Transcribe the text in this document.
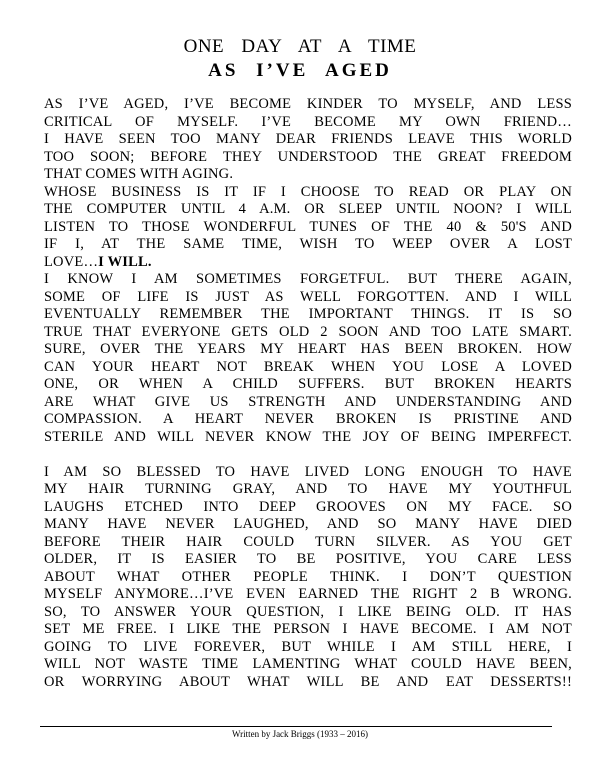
ONE DAY AT A TIME
AS I’VE AGED
AS I’VE AGED, I’VE BECOME KINDER TO MYSELF, AND LESS
CRITICAL OF MYSELF. I’VE BECOME MY OWN FRIEND…
I HAVE SEEN TOO MANY DEAR FRIENDS LEAVE THIS WORLD
TOO SOON; BEFORE THEY UNDERSTOOD THE GREAT FREEDOM
THAT COMES WITH AGING.
WHOSE BUSINESS IS IT IF I CHOOSE TO READ OR PLAY ON
THE COMPUTER UNTIL 4 A.M. OR SLEEP UNTIL NOON? I WILL
LISTEN TO THOSE WONDERFUL TUNES OF THE 40 & 50'S AND
IF I, AT THE SAME TIME, WISH TO WEEP OVER A LOST
LOVE…I WILL.
I KNOW I AM SOMETIMES FORGETFUL. BUT THERE AGAIN,
SOME OF LIFE IS JUST AS WELL FORGOTTEN. AND I WILL
EVENTUALLY REMEMBER THE IMPORTANT THINGS. IT IS SO
TRUE THAT EVERYONE GETS OLD 2 SOON AND TOO LATE SMART.
SURE, OVER THE YEARS MY HEART HAS BEEN BROKEN. HOW
CAN YOUR HEART NOT BREAK WHEN YOU LOSE A LOVED
ONE, OR WHEN A CHILD SUFFERS. BUT BROKEN HEARTS
ARE WHAT GIVE US STRENGTH AND UNDERSTANDING AND
COMPASSION. A HEART NEVER BROKEN IS PRISTINE AND
STERILE AND WILL NEVER KNOW THE JOY OF BEING IMPERFECT.
I AM SO BLESSED TO HAVE LIVED LONG ENOUGH TO HAVE
MY HAIR TURNING GRAY, AND TO HAVE MY YOUTHFUL
LAUGHS ETCHED INTO DEEP GROOVES ON MY FACE. SO
MANY HAVE NEVER LAUGHED, AND SO MANY HAVE DIED
BEFORE THEIR HAIR COULD TURN SILVER. AS YOU GET
OLDER, IT IS EASIER TO BE POSITIVE, YOU CARE LESS
ABOUT WHAT OTHER PEOPLE THINK. I DON’T QUESTION
MYSELF ANYMORE…I’VE EVEN EARNED THE RIGHT 2 B WRONG.
SO, TO ANSWER YOUR QUESTION, I LIKE BEING OLD. IT HAS
SET ME FREE. I LIKE THE PERSON I HAVE BECOME. I AM NOT
GOING TO LIVE FOREVER, BUT WHILE I AM STILL HERE, I
WILL NOT WASTE TIME LAMENTING WHAT COULD HAVE BEEN,
OR WORRYING ABOUT WHAT WILL BE AND EAT DESSERTS!!
Written by Jack Briggs (1933 – 2016)
